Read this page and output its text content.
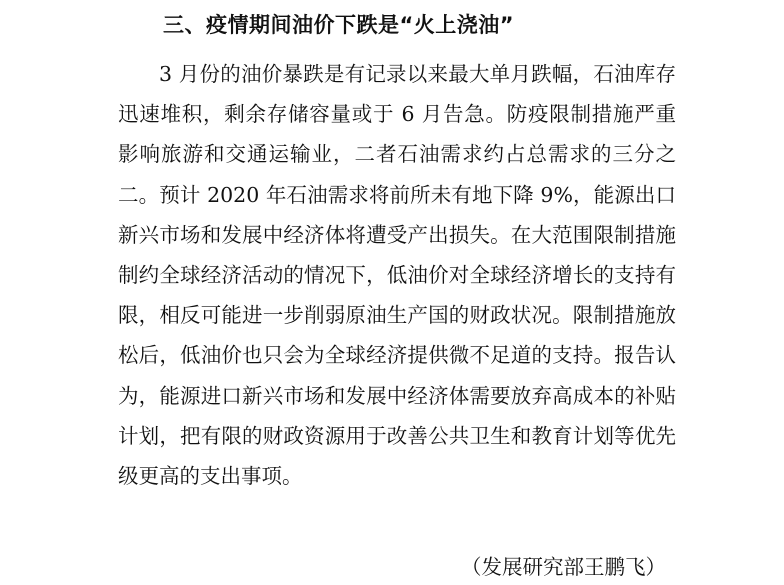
三、疫情期间油价下跌是“火上浇油”

3 月份的油价暴跌是有记录以来最大单月跌幅，石油库存迅速堆积，剩余存储容量或于 6 月告急。防疫限制措施严重影响旅游和交通运输业，二者石油需求约占总需求的三分之二。预计 2020 年石油需求将前所未有地下降 9%，能源出口新兴市场和发展中经济体将遭受产出损失。在大范围限制措施制约全球经济活动的情况下，低油价对全球经济增长的支持有限，相反可能进一步削弱原油生产国的财政状况。限制措施放松后，低油价也只会为全球经济提供微不足道的支持。报告认为，能源进口新兴市场和发展中经济体需要放弃高成本的补贴计划，把有限的财政资源用于改善公共卫生和教育计划等优先级更高的支出事项。

（发展研究部王鹏飞）
